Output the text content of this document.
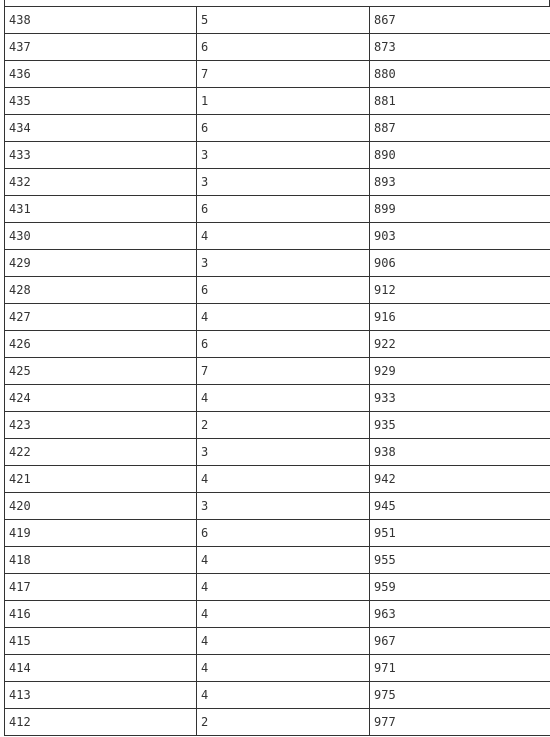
438	5	867
437	6	873
436	7	880
435	1	881
434	6	887
433	3	890
432	3	893
431	6	899
430	4	903
429	3	906
428	6	912
427	4	916
426	6	922
425	7	929
424	4	933
423	2	935
422	3	938
421	4	942
420	3	945
419	6	951
418	4	955
417	4	959
416	4	963
415	4	967
414	4	971
413	4	975
412	2	977
